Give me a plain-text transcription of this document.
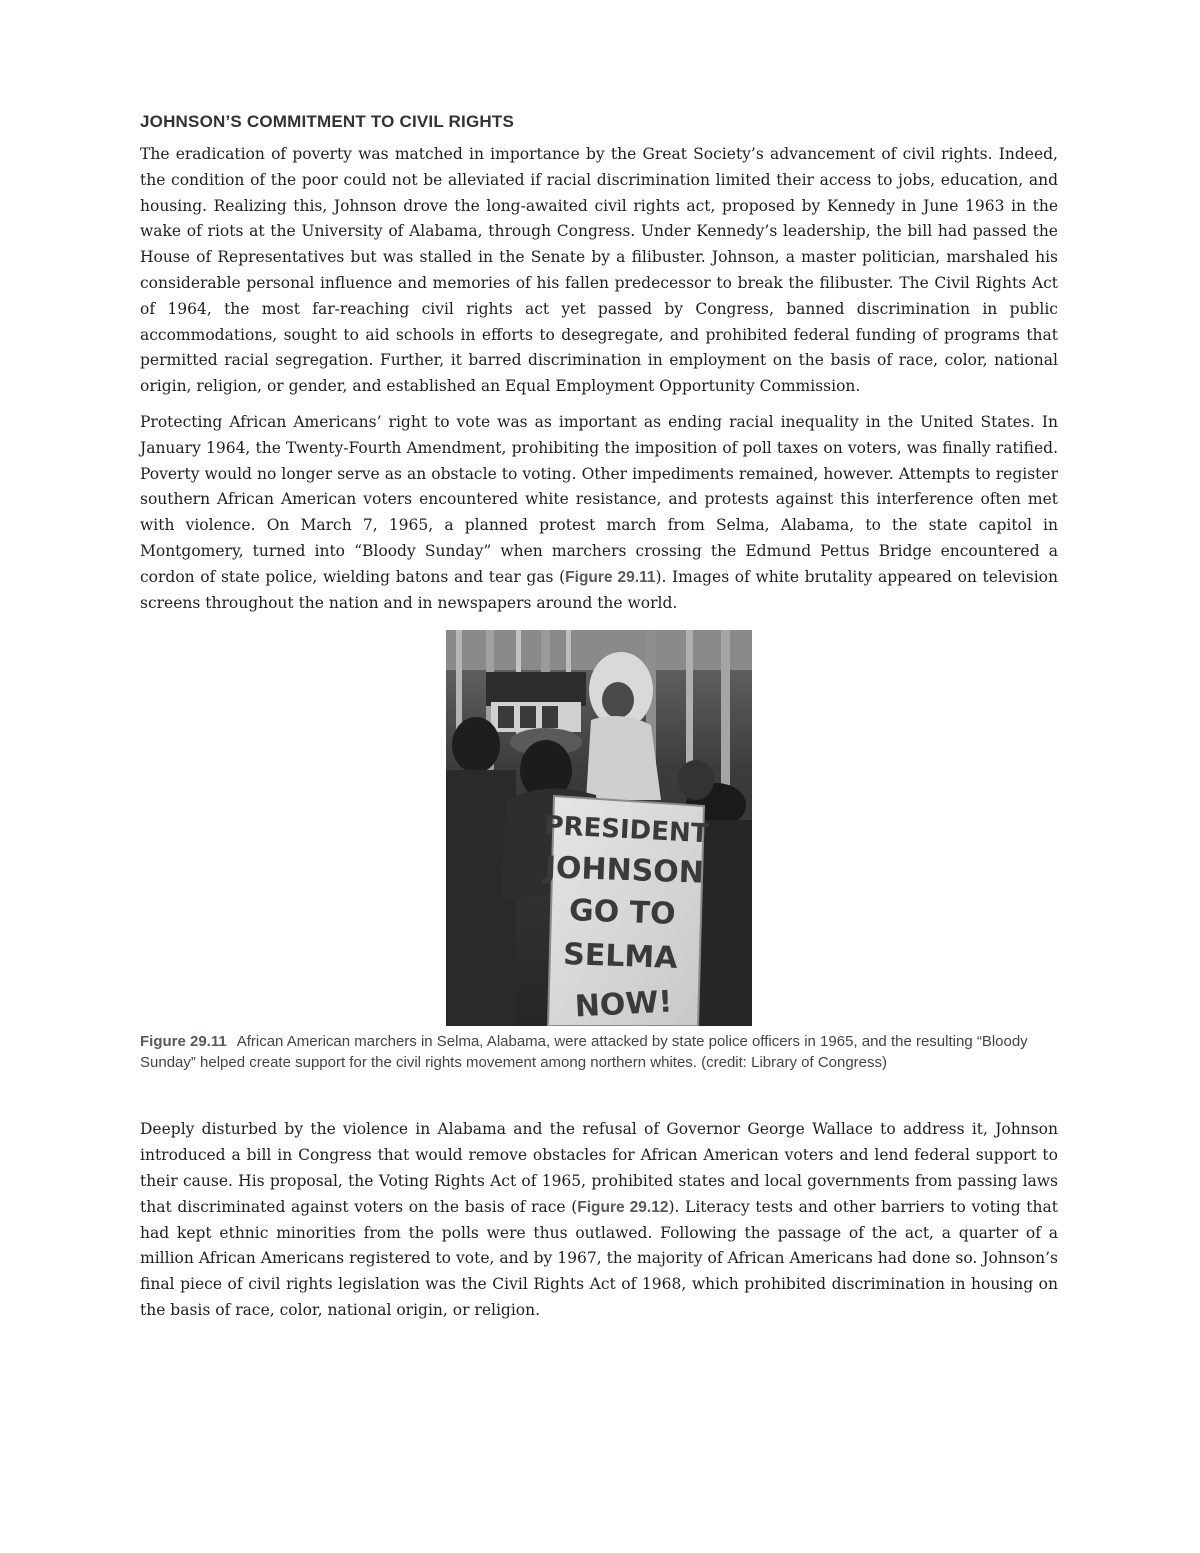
JOHNSON’S COMMITMENT TO CIVIL RIGHTS

The eradication of poverty was matched in importance by the Great Society’s advancement of civil rights. Indeed, the condition of the poor could not be alleviated if racial discrimination limited their access to jobs, education, and housing. Realizing this, Johnson drove the long-awaited civil rights act, proposed by Kennedy in June 1963 in the wake of riots at the University of Alabama, through Congress. Under Kennedy’s leadership, the bill had passed the House of Representatives but was stalled in the Senate by a filibuster. Johnson, a master politician, marshaled his considerable personal influence and memories of his fallen predecessor to break the filibuster. The Civil Rights Act of 1964, the most far-reaching civil rights act yet passed by Congress, banned discrimination in public accommodations, sought to aid schools in efforts to desegregate, and prohibited federal funding of programs that permitted racial segregation. Further, it barred discrimination in employment on the basis of race, color, national origin, religion, or gender, and established an Equal Employment Opportunity Commission.

Protecting African Americans’ right to vote was as important as ending racial inequality in the United States. In January 1964, the Twenty-Fourth Amendment, prohibiting the imposition of poll taxes on voters, was finally ratified. Poverty would no longer serve as an obstacle to voting. Other impediments remained, however. Attempts to register southern African American voters encountered white resistance, and protests against this interference often met with violence. On March 7, 1965, a planned protest march from Selma, Alabama, to the state capitol in Montgomery, turned into “Bloody Sunday” when marchers crossing the Edmund Pettus Bridge encountered a cordon of state police, wielding batons and tear gas (Figure 29.11). Images of white brutality appeared on television screens throughout the nation and in newspapers around the world.

PRESIDENT
JOHNSON
GO TO
SELMA
NOW!

Figure 29.11 African American marchers in Selma, Alabama, were attacked by state police officers in 1965, and the resulting “Bloody Sunday” helped create support for the civil rights movement among northern whites. (credit: Library of Congress)

Deeply disturbed by the violence in Alabama and the refusal of Governor George Wallace to address it, Johnson introduced a bill in Congress that would remove obstacles for African American voters and lend federal support to their cause. His proposal, the Voting Rights Act of 1965, prohibited states and local governments from passing laws that discriminated against voters on the basis of race (Figure 29.12). Literacy tests and other barriers to voting that had kept ethnic minorities from the polls were thus outlawed. Following the passage of the act, a quarter of a million African Americans registered to vote, and by 1967, the majority of African Americans had done so. Johnson’s final piece of civil rights legislation was the Civil Rights Act of 1968, which prohibited discrimination in housing on the basis of race, color, national origin, or religion.
